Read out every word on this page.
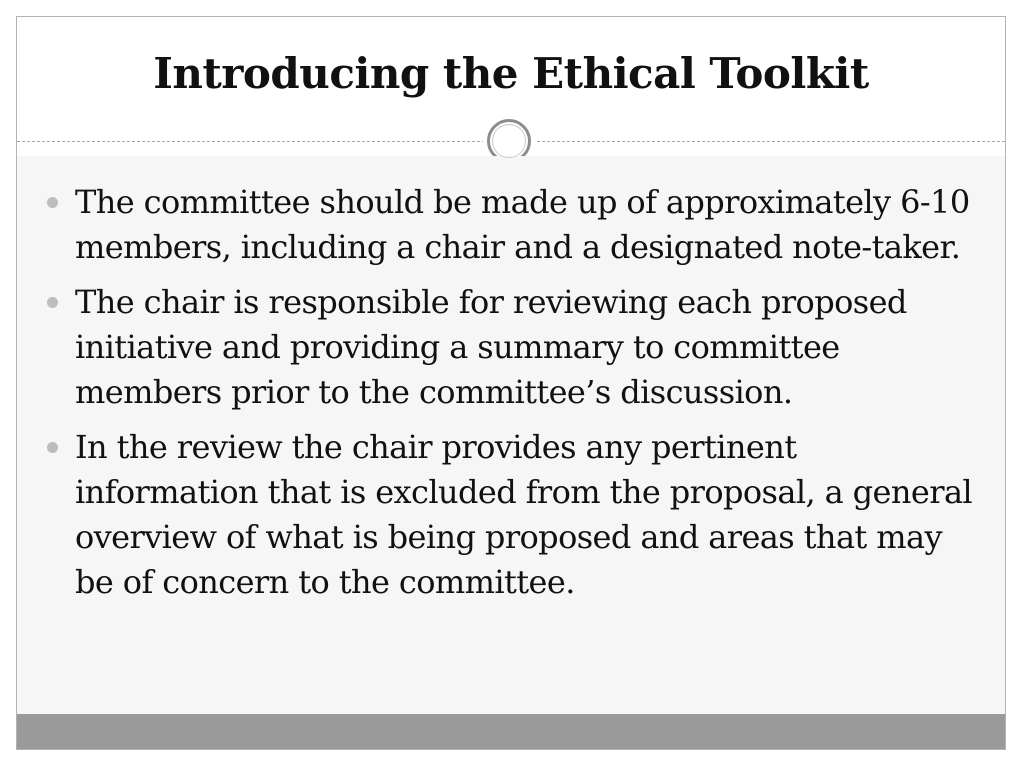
Introducing the Ethical Toolkit
The committee should be made up of approximately 6-10 members, including a chair and a designated note-taker.
The chair is responsible for reviewing each proposed initiative and providing a summary to committee members prior to the committee’s discussion.
In the review the chair provides any pertinent information that is excluded from the proposal, a general overview of what is being proposed and areas that may be of concern to the committee.
